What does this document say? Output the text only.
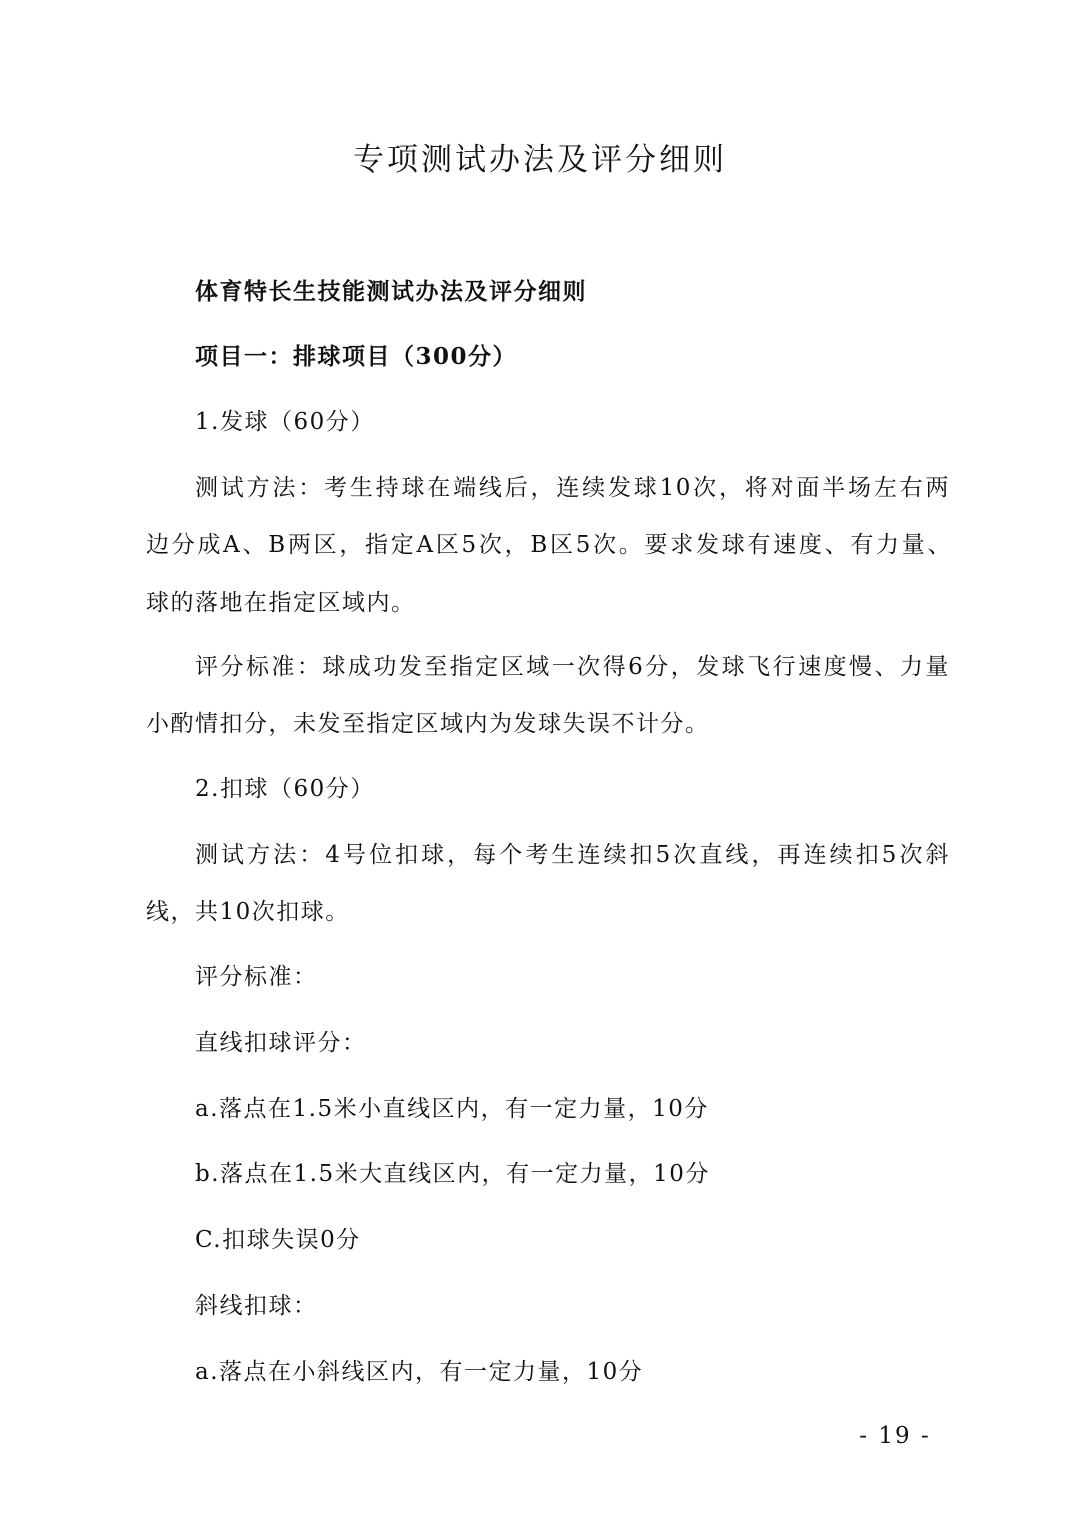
专项测试办法及评分细则
体育特长生技能测试办法及评分细则
项目一：排球项目（300分）
1.发球（60分）
测试方法：考生持球在端线后，连续发球10次，将对面半场左右两
边分成A、B两区，指定A区5次，B区5次。要求发球有速度、有力量、
球的落地在指定区域内。
评分标准：球成功发至指定区域一次得6分，发球飞行速度慢、力量
小酌情扣分，未发至指定区域内为发球失误不计分。
2.扣球（60分）
测试方法：4号位扣球，每个考生连续扣5次直线，再连续扣5次斜
线，共10次扣球。
评分标准：
直线扣球评分：
a.落点在1.5米小直线区内，有一定力量，10分
b.落点在1.5米大直线区内，有一定力量，10分
C.扣球失误0分
斜线扣球：
a.落点在小斜线区内，有一定力量，10分
- 19 -
